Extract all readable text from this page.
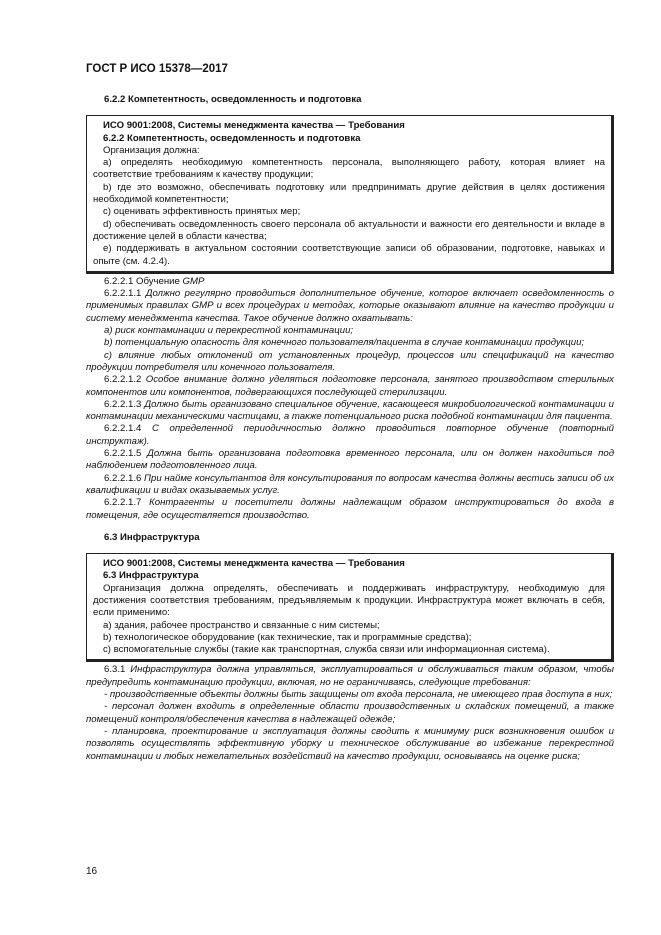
ГОСТ Р ИСО 15378—2017

6.2.2 Компетентность, осведомленность и подготовка

ИСО 9001:2008, Системы менеджмента качества — Требования

6.2.2 Компетентность, осведомленность и подготовка

Организация должна:

a) определять необходимую компетентность персонала, выполняющего работу, которая влияет на соответствие требованиям к качеству продукции;

b) где это возможно, обеспечивать подготовку или предпринимать другие действия в целях достижения необходимой компетентности;

c) оценивать эффективность принятых мер;

d) обеспечивать осведомленность своего персонала об актуальности и важности его деятельности и вкладе в достижение целей в области качества;

e) поддерживать в актуальном состоянии соответствующие записи об образовании, подготовке, навыках и опыте (см. 4.2.4).

6.2.2.1 Обучение GMP

6.2.2.1.1 Должно регулярно проводиться дополнительное обучение, которое включает осведомленность о применимых правилах GMP и всех процедурах и методах, которые оказывают влияние на качество продукции и систему менеджмента качества. Такое обучение должно охватывать:

a) риск контаминации и перекрестной контаминации;

b) потенциальную опасность для конечного пользователя/пациента в случае контаминации продукции;

c) влияние любых отклонений от установленных процедур, процессов или спецификаций на качество продукции потребителя или конечного пользователя.

6.2.2.1.2 Особое внимание должно уделяться подготовке персонала, занятого производством стерильных компонентов или компонентов, подвергающихся последующей стерилизации.

6.2.2.1.3 Должно быть организовано специальное обучение, касающееся микробиологической контаминации и контаминации механическими частицами, а также потенциального риска подобной контаминации для пациента.

6.2.2.1.4 С определенной периодичностью должно проводиться повторное обучение (повторный инструктаж).

6.2.2.1.5 Должна быть организована подготовка временного персонала, или он должен находиться под наблюдением подготовленного лица.

6.2.2.1.6 При найме консультантов для консультирования по вопросам качества должны вестись записи об их квалификации и видах оказываемых услуг.

6.2.2.1.7 Контрагенты и посетители должны надлежащим образом инструктироваться до входа в помещения, где осуществляется производство.

6.3 Инфраструктура

ИСО 9001:2008, Системы менеджмента качества — Требования

6.3 Инфраструктура

Организация должна определять, обеспечивать и поддерживать инфраструктуру, необходимую для достижения соответствия требованиям, предъявляемым к продукции. Инфраструктура может включать в себя, если применимо:

a) здания, рабочее пространство и связанные с ним системы;

b) технологическое оборудование (как технические, так и программные средства);

c) вспомогательные службы (такие как транспортная, служба связи или информационная система).

6.3.1 Инфраструктура должна управляться, эксплуатироваться и обслуживаться таким образом, чтобы предупредить контаминацию продукции, включая, но не ограничиваясь, следующие требования:

- производственные объекты должны быть защищены от входа персонала, не имеющего прав доступа в них;

- персонал должен входить в определенные области производственных и складских помещений, а также помещений контроля/обеспечения качества в надлежащей одежде;

- планировка, проектирование и эксплуатация должны сводить к минимуму риск возникновения ошибок и позволять осуществлять эффективную уборку и техническое обслуживание во избежание перекрестной контаминации и любых нежелательных воздействий на качество продукции, основываясь на оценке риска;

16
